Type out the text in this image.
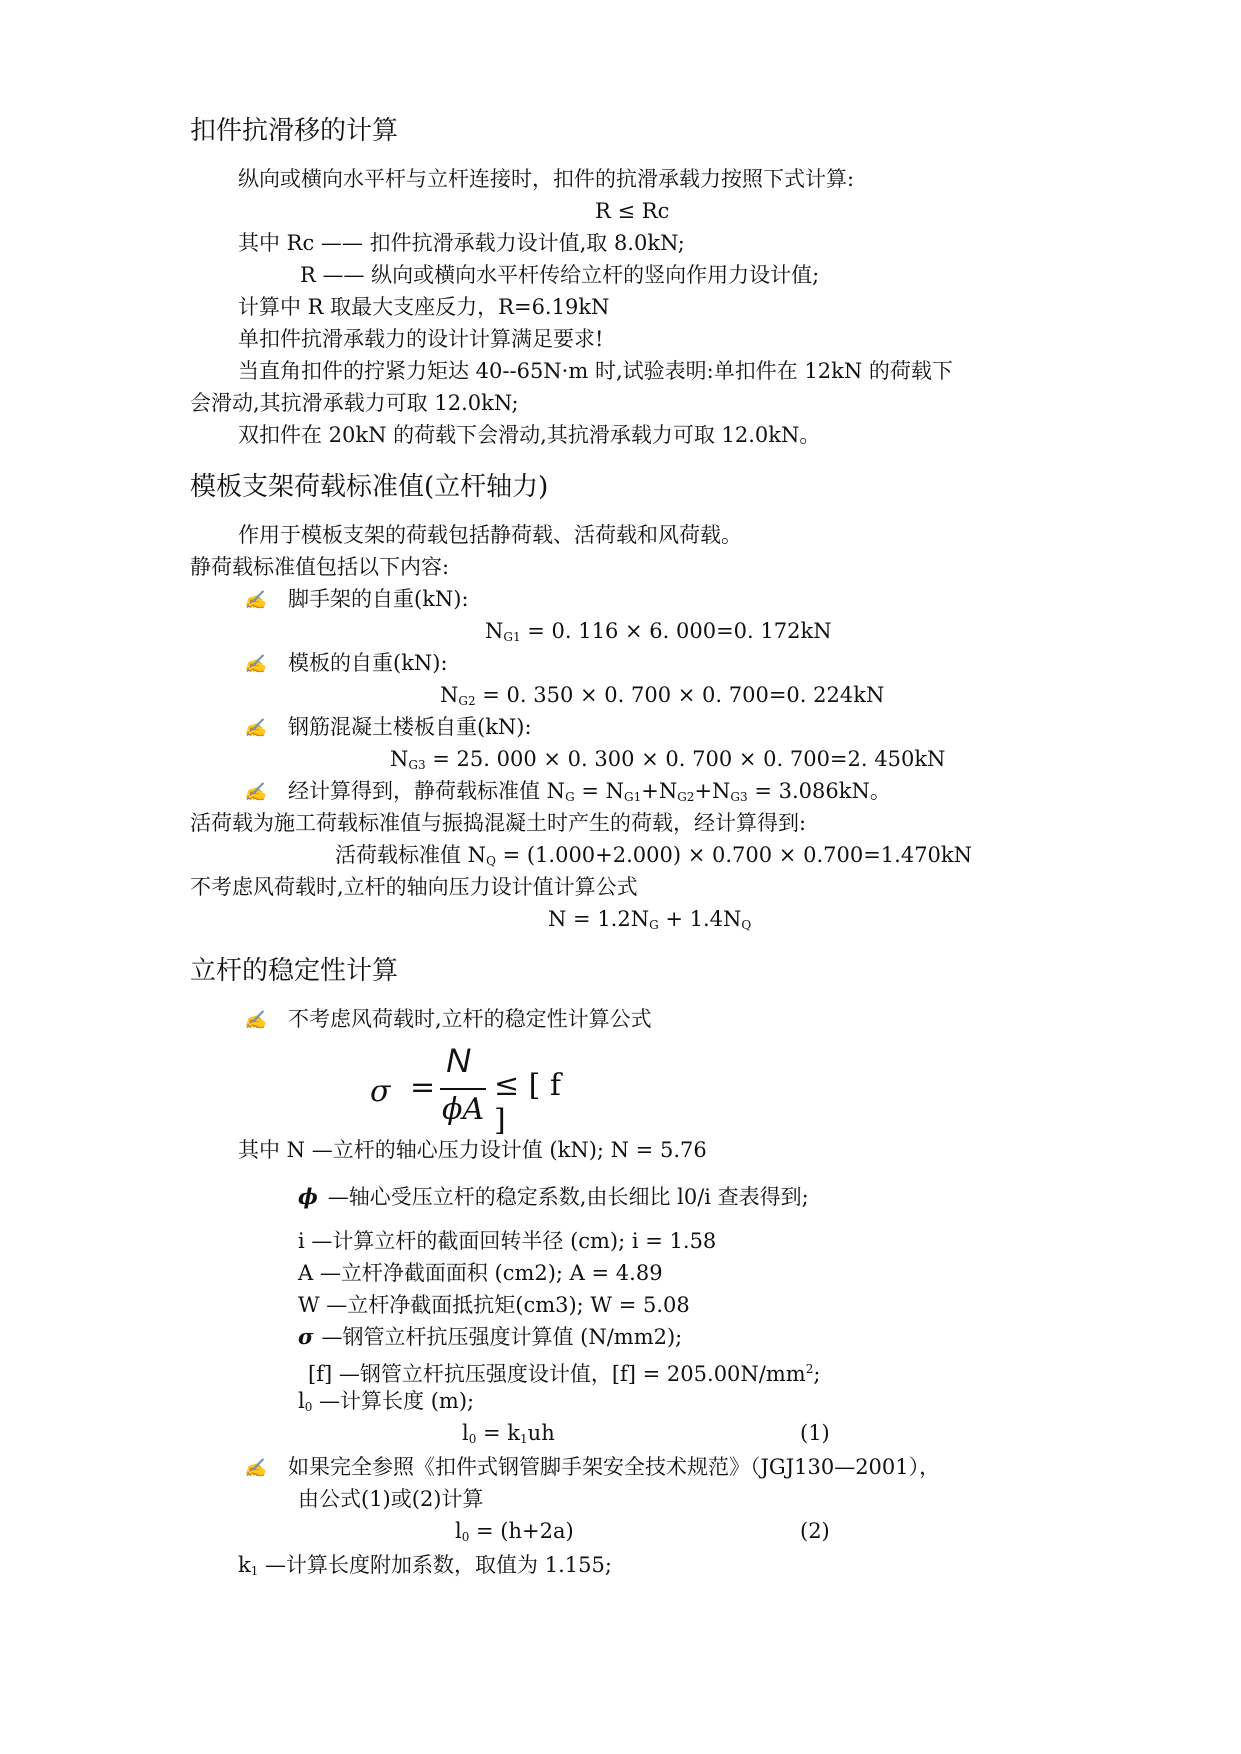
扣件抗滑移的计算
纵向或横向水平杆与立杆连接时，扣件的抗滑承载力按照下式计算:
R ≤ Rc
其中 Rc —— 扣件抗滑承载力设计值,取 8.0kN;
R —— 纵向或横向水平杆传给立杆的竖向作用力设计值;
计算中 R 取最大支座反力，R=6.19kN
单扣件抗滑承载力的设计计算满足要求!
当直角扣件的拧紧力矩达 40--65N·m 时,试验表明:单扣件在 12kN 的荷载下
会滑动,其抗滑承载力可取 12.0kN;
双扣件在 20kN 的荷载下会滑动,其抗滑承载力可取 12.0kN。
模板支架荷载标准值(立杆轴力)
作用于模板支架的荷载包括静荷载、活荷载和风荷载。
静荷载标准值包括以下内容:
✍ 脚手架的自重(kN):
$N_{G1} = 0$. 116 × 6. 000=0. 172kN
✍ 模板的自重(kN):
$N_{G2} = 0$. 350 × 0. 700 × 0. 700=0. 224kN
✍ 钢筋混凝土楼板自重(kN):
$N_{G3} = 25$. 000 × 0. 300 × 0. 700 × 0. 700=2. 450kN
✍ 经计算得到，静荷载标准值 $N_G = N_{G1}+N_{G2}+N_{G3} = 3.086kN$。
活荷载为施工荷载标准值与振捣混凝土时产生的荷载，经计算得到:
活荷载标准值 $N_Q = (1.000+2.000) \times 0.700 \times 0.700=1.470kN$
不考虑风荷载时,立杆的轴向压力设计值计算公式
$N = 1.2N_G + 1.4N_Q$
立杆的稳定性计算
✍ 不考虑风荷载时,立杆的稳定性计算公式
σ =
N
ϕA
≤ [ f ]
其中 N —立杆的轴心压力设计值 (kN); N = 5.76
ϕ —轴心受压立杆的稳定系数,由长细比 l0/i 查表得到;
i —计算立杆的截面回转半径 (cm); i = 1.58
A —立杆净截面面积 (cm2); A = 4.89
W —立杆净截面抵抗矩(cm3); W = 5.08
σ —钢管立杆抗压强度计算值 (N/mm2);
[f] —钢管立杆抗压强度设计值，$[f] = 205.00N/mm^2$;
$l_0$ —计算长度 (m);
$l_0 = k_1uh$	(1)
✍ 如果完全参照《扣件式钢管脚手架安全技术规范》（JGJ130—2001），
由公式(1)或(2)计算
$l_0 = (h+2a)$	(2)
$k_1$ —计算长度附加系数，取值为 1.155;
